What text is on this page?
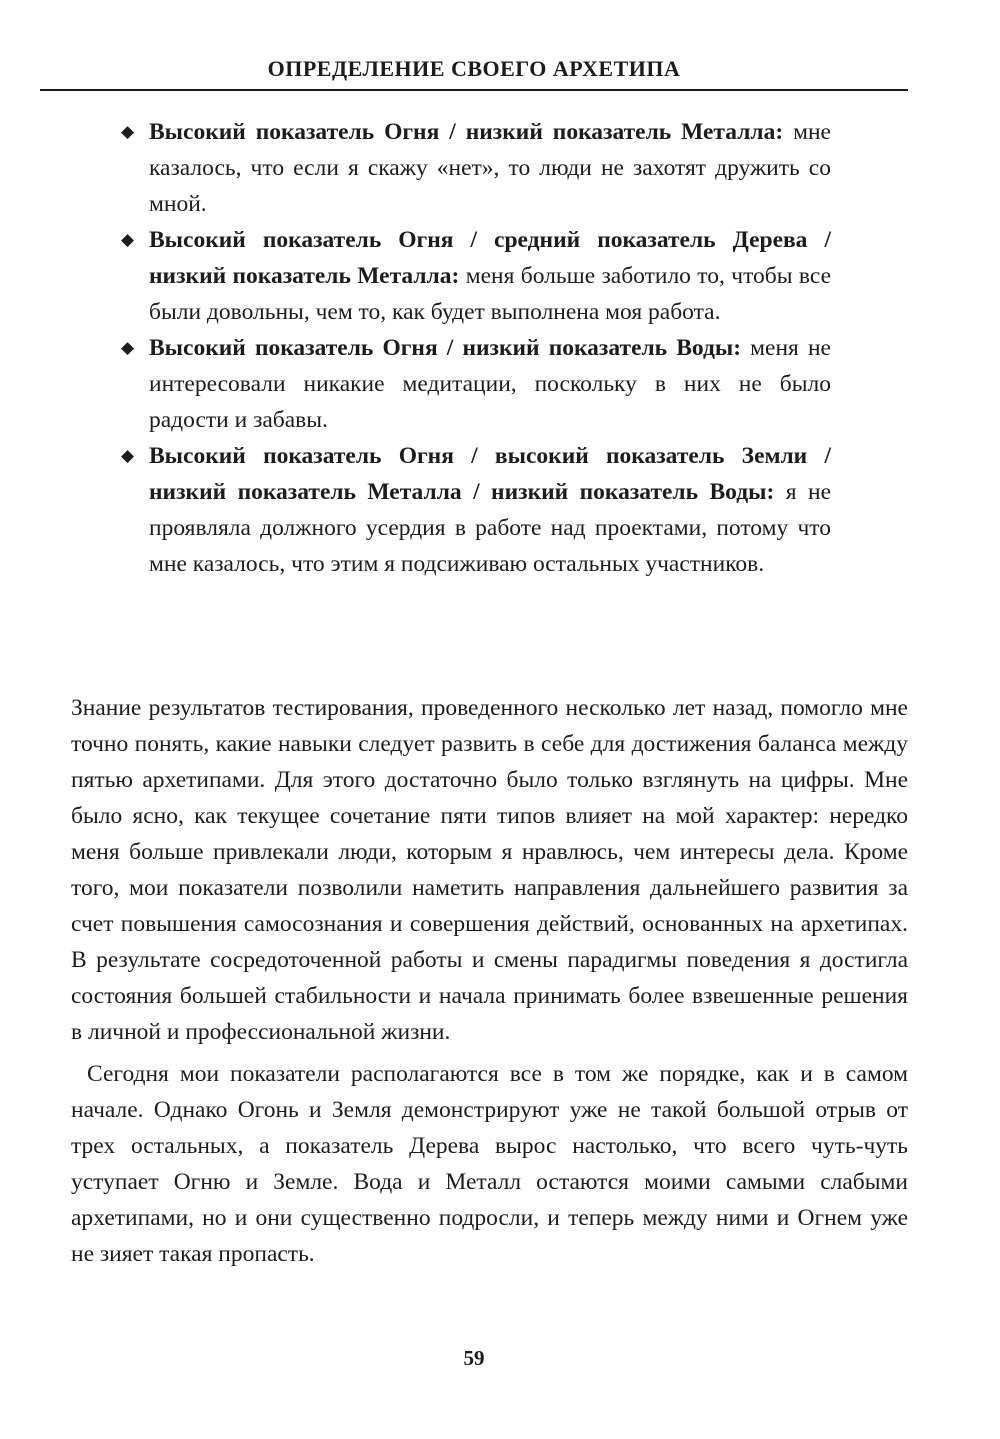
ОПРЕДЕЛЕНИЕ СВОЕГО АРХЕТИПА
◆ Высокий показатель Огня / низкий показатель Металла: мне казалось, что если я скажу «нет», то люди не захотят дружить со мной.
◆ Высокий показатель Огня / средний показатель Дерева / низкий показатель Металла: меня больше заботило то, чтобы все были довольны, чем то, как будет выполнена моя работа.
◆ Высокий показатель Огня / низкий показатель Воды: меня не интересовали никакие медитации, поскольку в них не было радости и забавы.
◆ Высокий показатель Огня / высокий показатель Земли / низкий показатель Металла / низкий показатель Воды: я не проявляла должного усердия в работе над проектами, потому что мне казалось, что этим я подсиживаю остальных участников.

Знание результатов тестирования, проведенного несколько лет назад, помогло мне точно понять, какие навыки следует развить в себе для достижения баланса между пятью архетипами. Для этого достаточно было только взглянуть на цифры. Мне было ясно, как текущее сочетание пяти типов влияет на мой характер: нередко меня больше привлекали люди, которым я нравлюсь, чем интересы дела. Кроме того, мои показатели позволили наметить направления дальнейшего развития за счет повышения самосознания и совершения действий, основанных на архетипах. В результате сосредоточенной работы и смены парадигмы поведения я достигла состояния большей стабильности и начала принимать более взвешенные решения в личной и профессиональной жизни.

Сегодня мои показатели располагаются все в том же порядке, как и в самом начале. Однако Огонь и Земля демонстрируют уже не такой большой отрыв от трех остальных, а показатель Дерева вырос настолько, что всего чуть-чуть уступает Огню и Земле. Вода и Металл остаются моими самыми слабыми архетипами, но и они существенно подросли, и теперь между ними и Огнем уже не зияет такая пропасть.

59
